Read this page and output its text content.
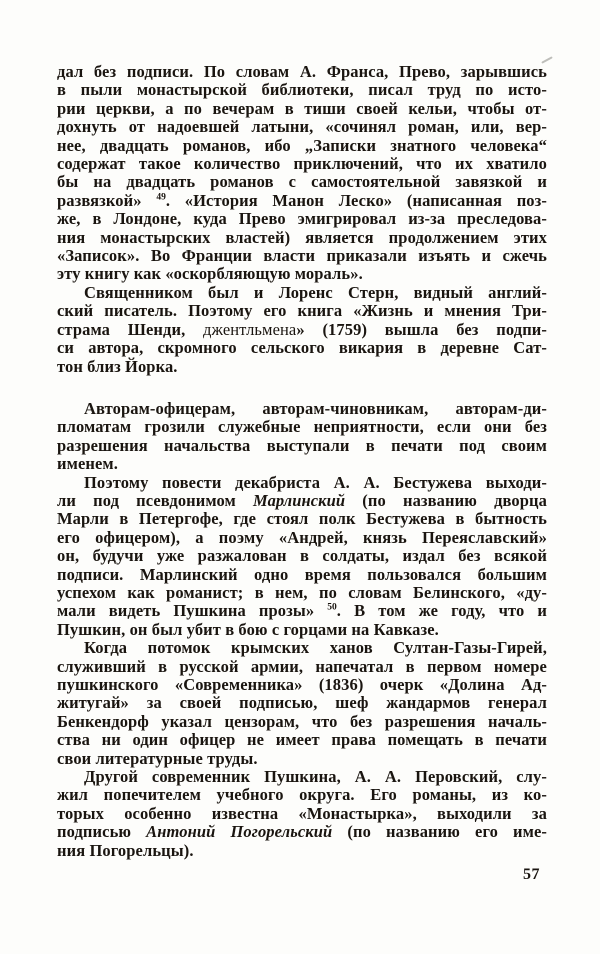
дал без подписи. По словам А. Франса, Прево, зарывшись
в пыли монастырской библиотеки, писал труд по исто-
рии церкви, а по вечерам в тиши своей кельи, чтобы от-
дохнуть от надоевшей латыни, «сочинял роман, или, вер-
нее, двадцать романов, ибо „Записки знатного человека“
содержат такое количество приключений, что их хватило
бы на двадцать романов с самостоятельной завязкой и
развязкой» $^{49}$. «История Манон Леско» (написанная поз-
же, в Лондоне, куда Прево эмигрировал из-за преследова-
ния монастырских властей) является продолжением этих
«Записок». Во Франции власти приказали изъять и сжечь
эту книгу как «оскорбляющую мораль».
Священником был и Лоренс Стерн, видный англий-
ский писатель. Поэтому его книга «Жизнь и мнения Три-
страма Шенди, джентльмена» (1759) вышла без подпи-
си автора, скромного сельского викария в деревне Сат-
тон близ Йорка.
Авторам-офицерам, авторам-чиновникам, авторам-ди-
пломатам грозили служебные неприятности, если они без
разрешения начальства выступали в печати под своим
именем.
Поэтому повести декабриста А. А. Бестужева выходи-
ли под псевдонимом Марлинский (по названию дворца
Марли в Петергофе, где стоял полк Бестужева в бытность
его офицером), а поэму «Андрей, князь Переяславский»
он, будучи уже разжалован в солдаты, издал без всякой
подписи. Марлинский одно время пользовался большим
успехом как романист; в нем, по словам Белинского, «ду-
мали видеть Пушкина прозы» $^{50}$. В том же году, что и
Пушкин, он был убит в бою с горцами на Кавказе.
Когда потомок крымских ханов Султан-Газы-Гирей,
служивший в русской армии, напечатал в первом номере
пушкинского «Современника» (1836) очерк «Долина Ад-
житугай» за своей подписью, шеф жандармов генерал
Бенкендорф указал цензорам, что без разрешения началь-
ства ни один офицер не имеет права помещать в печати
свои литературные труды.
Другой современник Пушкина, А. А. Перовский, слу-
жил попечителем учебного округа. Его романы, из ко-
торых особенно известна «Монастырка», выходили за
подписью Антоний Погорельский (по названию его име-
ния Погорельцы).
57
